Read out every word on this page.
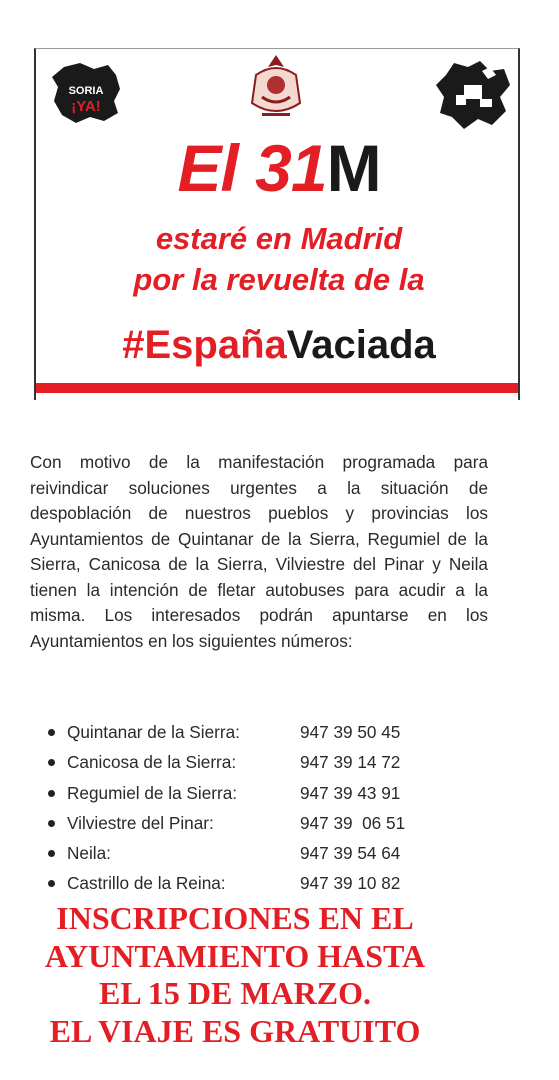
SORIA
¡YA!
El 31M
estaré en Madrid
por la revuelta de la
#EspañaVaciada
Con motivo de la manifestación programada para reivindicar soluciones urgentes a la situación de despoblación de nuestros pueblos y provincias los Ayuntamientos de Quintanar de la Sierra, Regumiel de la Sierra, Canicosa de la Sierra, Vilviestre del Pinar y Neila tienen la intención de fletar autobuses para acudir a la misma. Los interesados podrán apuntarse en los Ayuntamientos en los siguientes números:
Quintanar de la Sierra:	947 39 50 45
Canicosa de la Sierra:	947 39 14 72
Regumiel de la Sierra:	947 39 43 91
Vilviestre del Pinar:	947 39  06 51
Neila:	947 39 54 64
Castrillo de la Reina:	947 39 10 82
INSCRIPCIONES EN EL
AYUNTAMIENTO HASTA
EL 15 DE MARZO.
EL VIAJE ES GRATUITO
